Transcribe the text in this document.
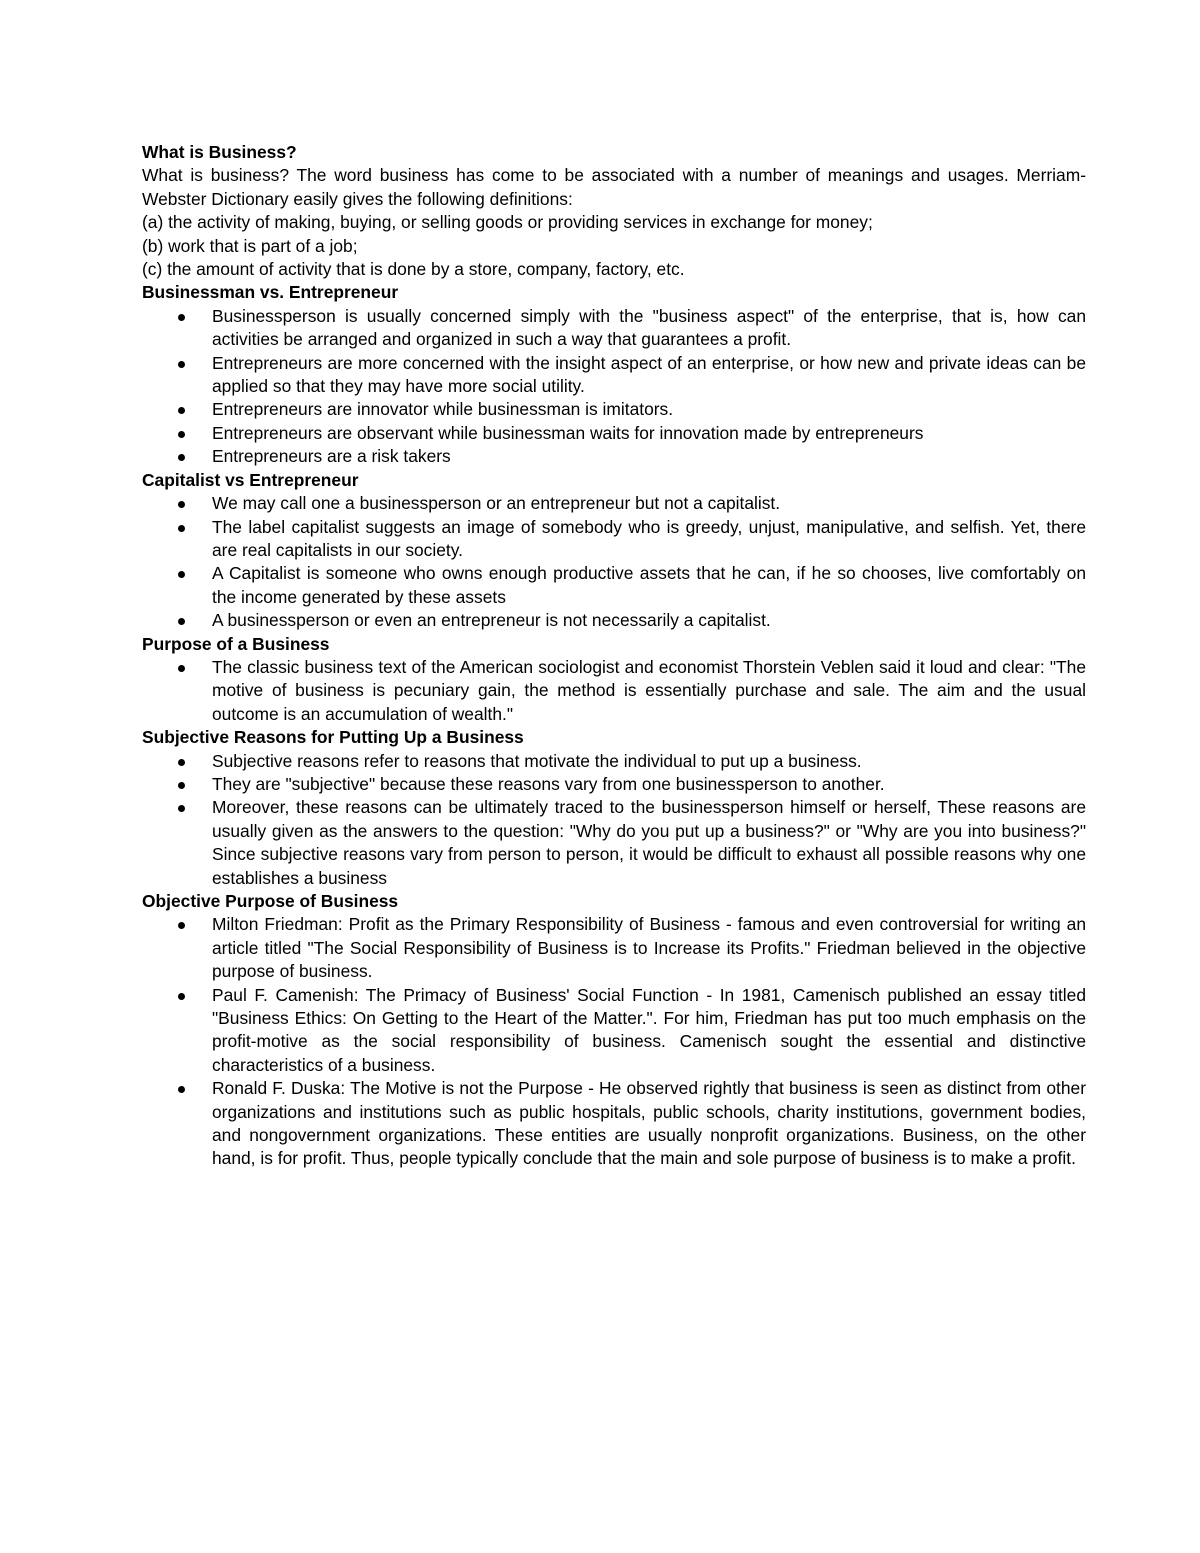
What is Business?

What is business? The word business has come to be associated with a number of meanings and usages. Merriam-Webster Dictionary easily gives the following definitions:

(a) the activity of making, buying, or selling goods or providing services in exchange for money;

(b) work that is part of a job;

(c) the amount of activity that is done by a store, company, factory, etc.

Businessman vs. Entrepreneur
Businessperson is usually concerned simply with the "business aspect" of the enterprise, that is, how can activities be arranged and organized in such a way that guarantees a profit.
Entrepreneurs are more concerned with the insight aspect of an enterprise, or how new and private ideas can be applied so that they may have more social utility.
Entrepreneurs are innovator while businessman is imitators.
Entrepreneurs are observant while businessman waits for innovation made by entrepreneurs
Entrepreneurs are a risk takers
Capitalist vs Entrepreneur
We may call one a businessperson or an entrepreneur but not a capitalist.
The label capitalist suggests an image of somebody who is greedy, unjust, manipulative, and selfish. Yet, there are real capitalists in our society.
A Capitalist is someone who owns enough productive assets that he can, if he so chooses, live comfortably on the income generated by these assets
A businessperson or even an entrepreneur is not necessarily a capitalist.
Purpose of a Business
The classic business text of the American sociologist and economist Thorstein Veblen said it loud and clear: "The motive of business is pecuniary gain, the method is essentially purchase and sale. The aim and the usual outcome is an accumulation of wealth."
Subjective Reasons for Putting Up a Business
Subjective reasons refer to reasons that motivate the individual to put up a business.
They are "subjective" because these reasons vary from one businessperson to another.
Moreover, these reasons can be ultimately traced to the businessperson himself or herself, These reasons are usually given as the answers to the question: "Why do you put up a business?" or "Why are you into business?" Since subjective reasons vary from person to person, it would be difficult to exhaust all possible reasons why one establishes a business
Objective Purpose of Business
Milton Friedman: Profit as the Primary Responsibility of Business - famous and even controversial for writing an article titled "The Social Responsibility of Business is to Increase its Profits." Friedman believed in the objective purpose of business.
Paul F. Camenish: The Primacy of Business' Social Function - In 1981, Camenisch published an essay titled "Business Ethics: On Getting to the Heart of the Matter.". For him, Friedman has put too much emphasis on the profit-motive as the social responsibility of business. Camenisch sought the essential and distinctive characteristics of a business.
Ronald F. Duska: The Motive is not the Purpose - He observed rightly that business is seen as distinct from other organizations and institutions such as public hospitals, public schools, charity institutions, government bodies, and nongovernment organizations. These entities are usually nonprofit organizations. Business, on the other hand, is for profit. Thus, people typically conclude that the main and sole purpose of business is to make a profit.
